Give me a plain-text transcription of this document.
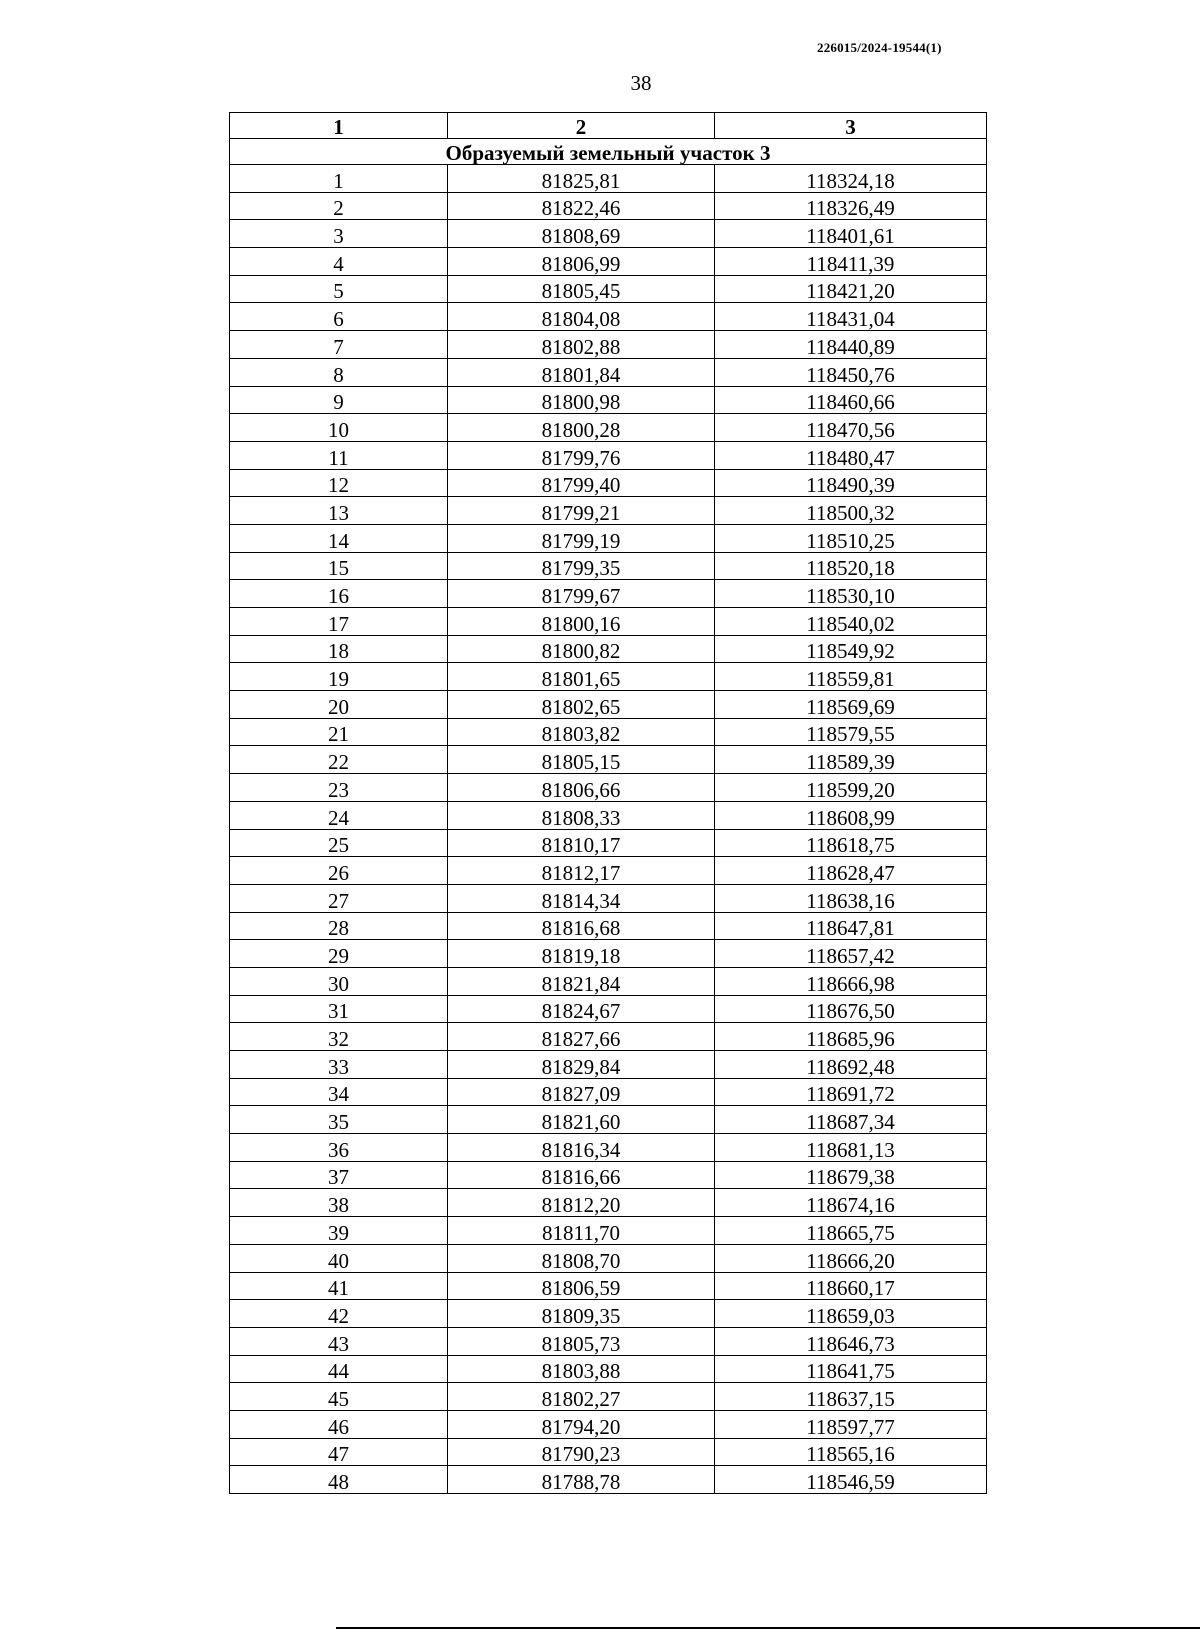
226015/2024-19544(1)
38
1	2	3
Образуемый земельный участок 3		
1	81825,81	118324,18
2	81822,46	118326,49
3	81808,69	118401,61
4	81806,99	118411,39
5	81805,45	118421,20
6	81804,08	118431,04
7	81802,88	118440,89
8	81801,84	118450,76
9	81800,98	118460,66
10	81800,28	118470,56
11	81799,76	118480,47
12	81799,40	118490,39
13	81799,21	118500,32
14	81799,19	118510,25
15	81799,35	118520,18
16	81799,67	118530,10
17	81800,16	118540,02
18	81800,82	118549,92
19	81801,65	118559,81
20	81802,65	118569,69
21	81803,82	118579,55
22	81805,15	118589,39
23	81806,66	118599,20
24	81808,33	118608,99
25	81810,17	118618,75
26	81812,17	118628,47
27	81814,34	118638,16
28	81816,68	118647,81
29	81819,18	118657,42
30	81821,84	118666,98
31	81824,67	118676,50
32	81827,66	118685,96
33	81829,84	118692,48
34	81827,09	118691,72
35	81821,60	118687,34
36	81816,34	118681,13
37	81816,66	118679,38
38	81812,20	118674,16
39	81811,70	118665,75
40	81808,70	118666,20
41	81806,59	118660,17
42	81809,35	118659,03
43	81805,73	118646,73
44	81803,88	118641,75
45	81802,27	118637,15
46	81794,20	118597,77
47	81790,23	118565,16
48	81788,78	118546,59
